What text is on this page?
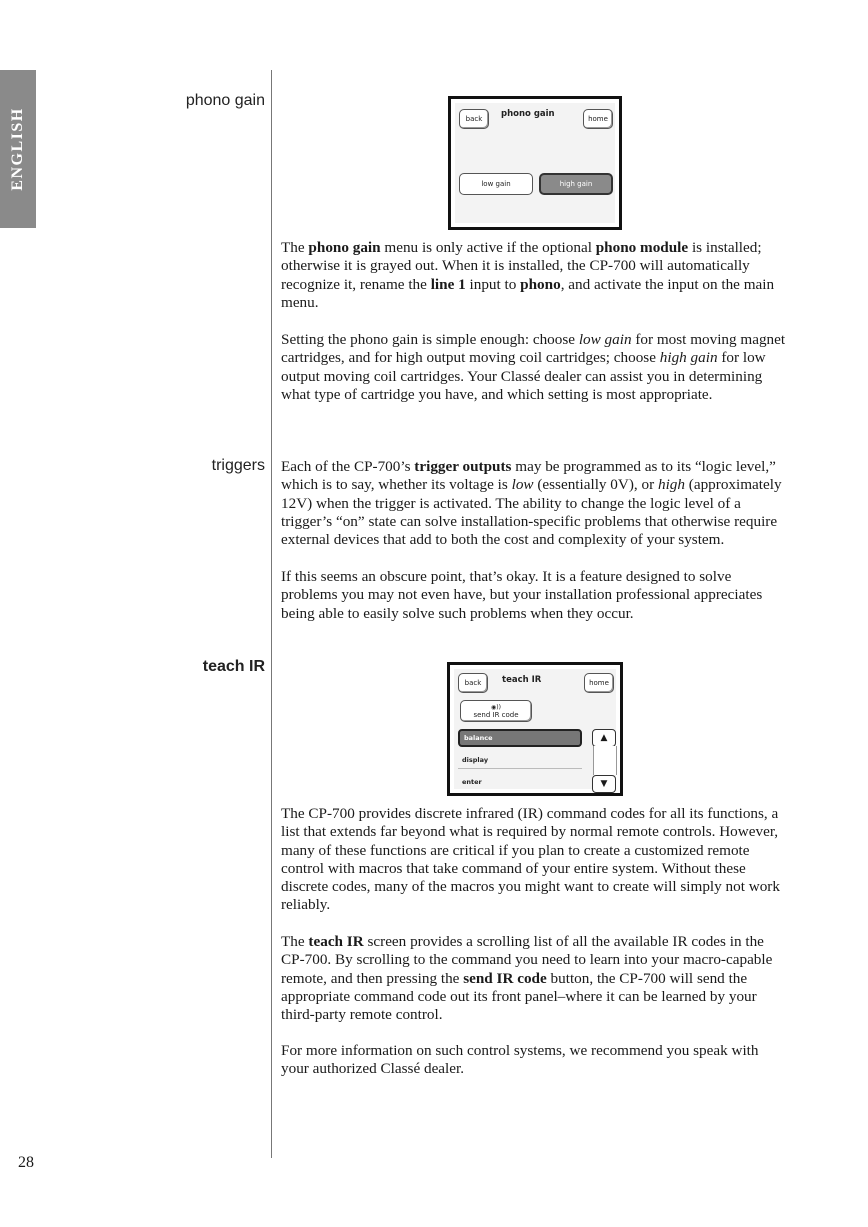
ENGLISH
phono gain
back	phono gain	home
low gain	high gain

The phono gain menu is only active if the optional phono module is installed; otherwise it is grayed out. When it is installed, the CP-700 will automatically recognize it, rename the line 1 input to phono, and activate the input on the main menu.

Setting the phono gain is simple enough: choose low gain for most moving magnet cartridges, and for high output moving coil cartridges; choose high gain for low output moving coil cartridges. Your Classé dealer can assist you in determining what type of cartridge you have, and which setting is most appropriate.

triggers Each of the CP-700’s trigger outputs may be programmed as to its “logic level,” which is to say, whether its voltage is low (essentially 0V), or high (approximately 12V) when the trigger is activated. The ability to change the logic level of a trigger’s “on” state can solve installation-specific problems that otherwise require external devices that add to both the cost and complexity of your system.

If this seems an obscure point, that’s okay. It is a feature designed to solve problems you may not even have, but your installation professional appreciates being able to easily solve such problems when they occur.

teach IR
back	teach IR	home
◉))
send IR code
balance
display
enter
▲
▼

The CP-700 provides discrete infrared (IR) command codes for all its functions, a list that extends far beyond what is required by normal remote controls. However, many of these functions are critical if you plan to create a customized remote control with macros that take command of your entire system. Without these discrete codes, many of the macros you might want to create will simply not work reliably.

The teach IR screen provides a scrolling list of all the available IR codes in the CP-700. By scrolling to the command you need to learn into your macro-capable remote, and then pressing the send IR code button, the CP-700 will send the appropriate command code out its front panel–where it can be learned by your third-party remote control.

For more information on such control systems, we recommend you speak with your authorized Classé dealer.

28
